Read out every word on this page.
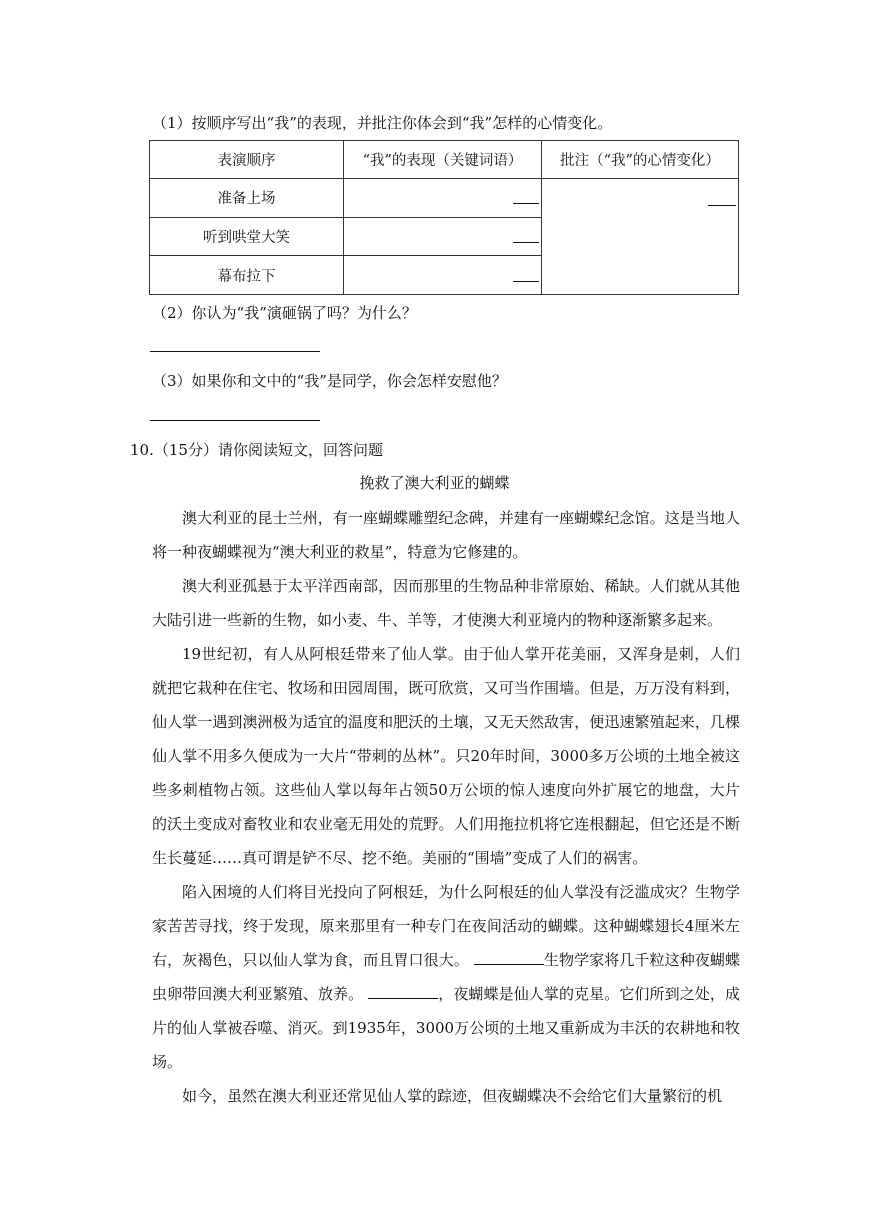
（1）按顺序写出“我”的表现，并批注你体会到“我”怎样的心情变化。
表演顺序	“我”的表现（关键词语）	批注（“我”的心情变化）
准备上场	

听到哄堂大笑		

幕布拉下		
（2）你认为“我”演砸锅了吗？为什么？
（3）如果你和文中的“我”是同学，你会怎样安慰他？
10.（15分）请你阅读短文，回答问题
挽救了澳大利亚的蝴蝶
澳大利亚的昆士兰州，有一座蝴蝶雕塑纪念碑，并建有一座蝴蝶纪念馆。这是当地人将一种夜蝴蝶视为“澳大利亚的救星”，特意为它修建的。
澳大利亚孤悬于太平洋西南部，因而那里的生物品种非常原始、稀缺。人们就从其他大陆引进一些新的生物，如小麦、牛、羊等，才使澳大利亚境内的物种逐渐繁多起来。
19世纪初，有人从阿根廷带来了仙人掌。由于仙人掌开花美丽，又浑身是刺，人们就把它栽种在住宅、牧场和田园周围，既可欣赏，又可当作围墙。但是，万万没有料到，仙人掌一遇到澳洲极为适宜的温度和肥沃的土壤，又无天然敌害，便迅速繁殖起来，几棵仙人掌不用多久便成为一大片“带刺的丛林”。只20年时间，3000多万公顷的土地全被这些多刺植物占领。这些仙人掌以每年占领50万公顷的惊人速度向外扩展它的地盘，大片的沃土变成对畜牧业和农业毫无用处的荒野。人们用拖拉机将它连根翻起，但它还是不断生长蔓延……真可谓是铲不尽、挖不绝。美丽的“围墙”变成了人们的祸害。
陷入困境的人们将目光投向了阿根廷，为什么阿根廷的仙人掌没有泛滥成灾？生物学家苦苦寻找，终于发现，原来那里有一种专门在夜间活动的蝴蝶。这种蝴蝶翅长4厘米左右，灰褐色，只以仙人掌为食，而且胃口很大。	生物学家将几千粒这种夜蝴蝶虫卵带回澳大利亚繁殖、放养。	，夜蝴蝶是仙人掌的克星。它们所到之处，成片的仙人掌被吞噬、消灭。到1935年，3000万公顷的土地又重新成为丰沃的农耕地和牧场。
如今，虽然在澳大利亚还常见仙人掌的踪迹，但夜蝴蝶决不会给它们大量繁衍的机
